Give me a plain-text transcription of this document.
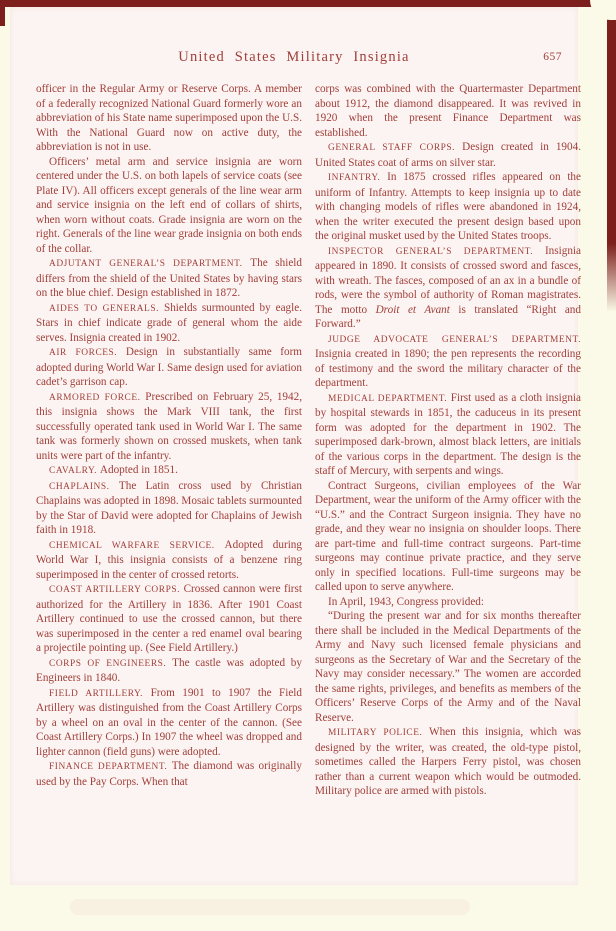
United States Military Insignia	657

officer in the Regular Army or Reserve Corps. A member of a federally recognized National Guard formerly wore an abbreviation of his State name superimposed upon the U.S. With the National Guard now on active duty, the abbreviation is not in use.

Officers’ metal arm and service insignia are worn centered under the U.S. on both lapels of service coats (see Plate IV). All officers except generals of the line wear arm and service insignia on the left end of collars of shirts, when worn without coats. Grade insignia are worn on the right. Generals of the line wear grade insignia on both ends of the collar.

ADJUTANT GENERAL’S DEPARTMENT. The shield differs from the shield of the United States by having stars on the blue chief. Design established in 1872.

AIDES TO GENERALS. Shields surmounted by eagle. Stars in chief indicate grade of general whom the aide serves. Insignia created in 1902.

AIR FORCES. Design in substantially same form adopted during World War I. Same design used for aviation cadet’s garrison cap.

ARMORED FORCE. Prescribed on February 25, 1942, this insignia shows the Mark VIII tank, the first successfully operated tank used in World War I. The same tank was formerly shown on crossed muskets, when tank units were part of the infantry.

CAVALRY. Adopted in 1851.

CHAPLAINS. The Latin cross used by Christian Chaplains was adopted in 1898. Mosaic tablets surmounted by the Star of David were adopted for Chaplains of Jewish faith in 1918.

CHEMICAL WARFARE SERVICE. Adopted during World War I, this insignia consists of a benzene ring superimposed in the center of crossed retorts.

COAST ARTILLERY CORPS. Crossed cannon were first authorized for the Artillery in 1836. After 1901 Coast Artillery continued to use the crossed cannon, but there was superimposed in the center a red enamel oval bearing a projectile pointing up. (See Field Artillery.)

CORPS OF ENGINEERS. The castle was adopted by Engineers in 1840.

FIELD ARTILLERY. From 1901 to 1907 the Field Artillery was distinguished from the Coast Artillery Corps by a wheel on an oval in the center of the cannon. (See Coast Artillery Corps.) In 1907 the wheel was dropped and lighter cannon (field guns) were adopted.

FINANCE DEPARTMENT. The diamond was originally used by the Pay Corps. When that

corps was combined with the Quartermaster Department about 1912, the diamond disappeared. It was revived in 1920 when the present Finance Department was established.

GENERAL STAFF CORPS. Design created in 1904. United States coat of arms on silver star.

INFANTRY. In 1875 crossed rifles appeared on the uniform of Infantry. Attempts to keep insignia up to date with changing models of rifles were abandoned in 1924, when the writer executed the present design based upon the original musket used by the United States troops.

INSPECTOR GENERAL’S DEPARTMENT. Insignia appeared in 1890. It consists of crossed sword and fasces, with wreath. The fasces, composed of an ax in a bundle of rods, were the symbol of authority of Roman magistrates. The motto Droit et Avant is translated “Right and Forward.”

JUDGE ADVOCATE GENERAL’S DEPARTMENT. Insignia created in 1890; the pen represents the recording of testimony and the sword the military character of the department.

MEDICAL DEPARTMENT. First used as a cloth insignia by hospital stewards in 1851, the caduceus in its present form was adopted for the department in 1902. The superimposed dark-brown, almost black letters, are initials of the various corps in the department. The design is the staff of Mercury, with serpents and wings.

Contract Surgeons, civilian employees of the War Department, wear the uniform of the Army officer with the “U.S.” and the Contract Surgeon insignia. They have no grade, and they wear no insignia on shoulder loops. There are part-time and full-time contract surgeons. Part-time surgeons may continue private practice, and they serve only in specified locations. Full-time surgeons may be called upon to serve anywhere.

In April, 1943, Congress provided:

“During the present war and for six months thereafter there shall be included in the Medical Departments of the Army and Navy such licensed female physicians and surgeons as the Secretary of War and the Secretary of the Navy may consider necessary.” The women are accorded the same rights, privileges, and benefits as members of the Officers’ Reserve Corps of the Army and of the Naval Reserve.

MILITARY POLICE. When this insignia, which was designed by the writer, was created, the old-type pistol, sometimes called the Harpers Ferry pistol, was chosen rather than a current weapon which would be outmoded. Military police are armed with pistols.
